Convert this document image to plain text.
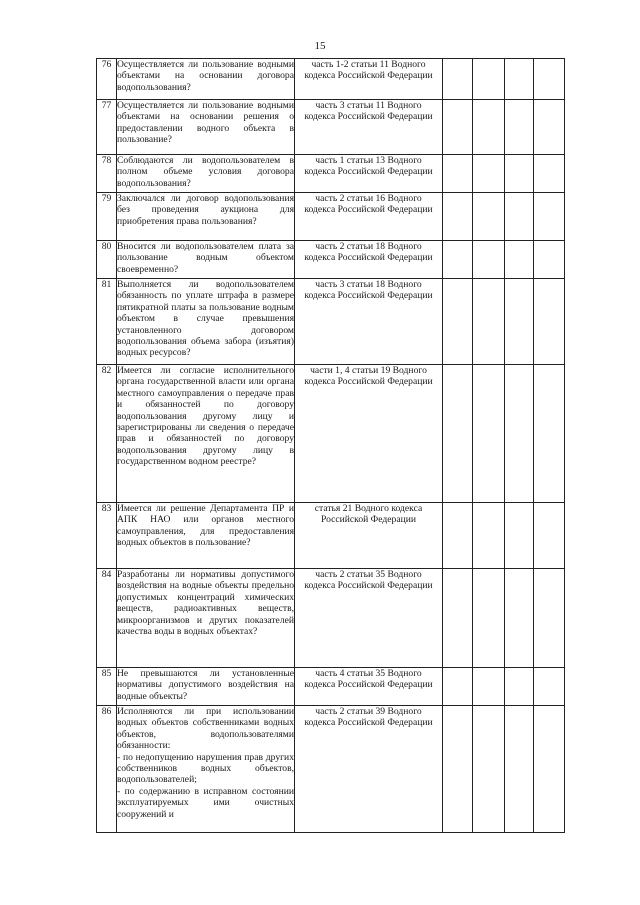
15
76	Осуществляется ли пользование водными объектами на основании договора водопользования?	часть 1-2 статьи 11 Водного
кодекса Российской Федерации				

77	Осуществляется ли пользование водными объектами на основании решения о предоставлении водного объекта в пользование?	часть 3 статьи 11 Водного
кодекса Российской Федерации				

78	Соблюдаются ли водопользователем в полном объеме условия договора водопользования?	часть 1 статьи 13 Водного
кодекса Российской Федерации				

79	Заключался ли договор водопользования без проведения аукциона для приобретения права пользования?	часть 2 статьи 16 Водного
кодекса Российской Федерации				

80	Вносится ли водопользователем плата за пользование водным объектом своевременно?	часть 2 статьи 18 Водного
кодекса Российской Федерации				

81	Выполняется ли водопользователем обязанность по уплате штрафа в размере пятикратной платы за пользование водным объектом в случае превышения установленного договором водопользования объема забора (изъятия) водных ресурсов?	часть 3 статьи 18 Водного
кодекса Российской Федерации				

82	Имеется ли согласие исполнительного органа государственной власти или органа местного самоуправления о передаче прав и обязанностей по договору водопользования другому лицу и зарегистрированы ли сведения о передаче прав и обязанностей по договору водопользования другому лицу в государственном водном реестре?	части 1, 4 статьи 19 Водного
кодекса Российской Федерации				

83	Имеется ли решение Департамента ПР и АПК НАО или органов местного самоуправления, для предоставления водных объектов в пользование?	статья 21 Водного кодекса
Российской Федерации				

84	Разработаны ли нормативы допустимого воздействия на водные объекты предельно допустимых концентраций химических веществ, радиоактивных веществ, микроорганизмов и других показателей качества воды в водных объектах?	часть 2 статьи 35 Водного
кодекса Российской Федерации				

85	Не превышаются ли установленные нормативы допустимого воздействия на водные объекты?	часть 4 статьи 35 Водного
кодекса Российской Федерации				

86	Исполняются ли при использовании водных объектов собственниками водных объектов, водопользователями обязанности:
- по недопущению нарушения прав других собственников водных объектов, водопользователей;
- по содержанию в исправном состоянии эксплуатируемых ими очистных сооружений и	часть 2 статьи 39 Водного
кодекса Российской Федерации				
